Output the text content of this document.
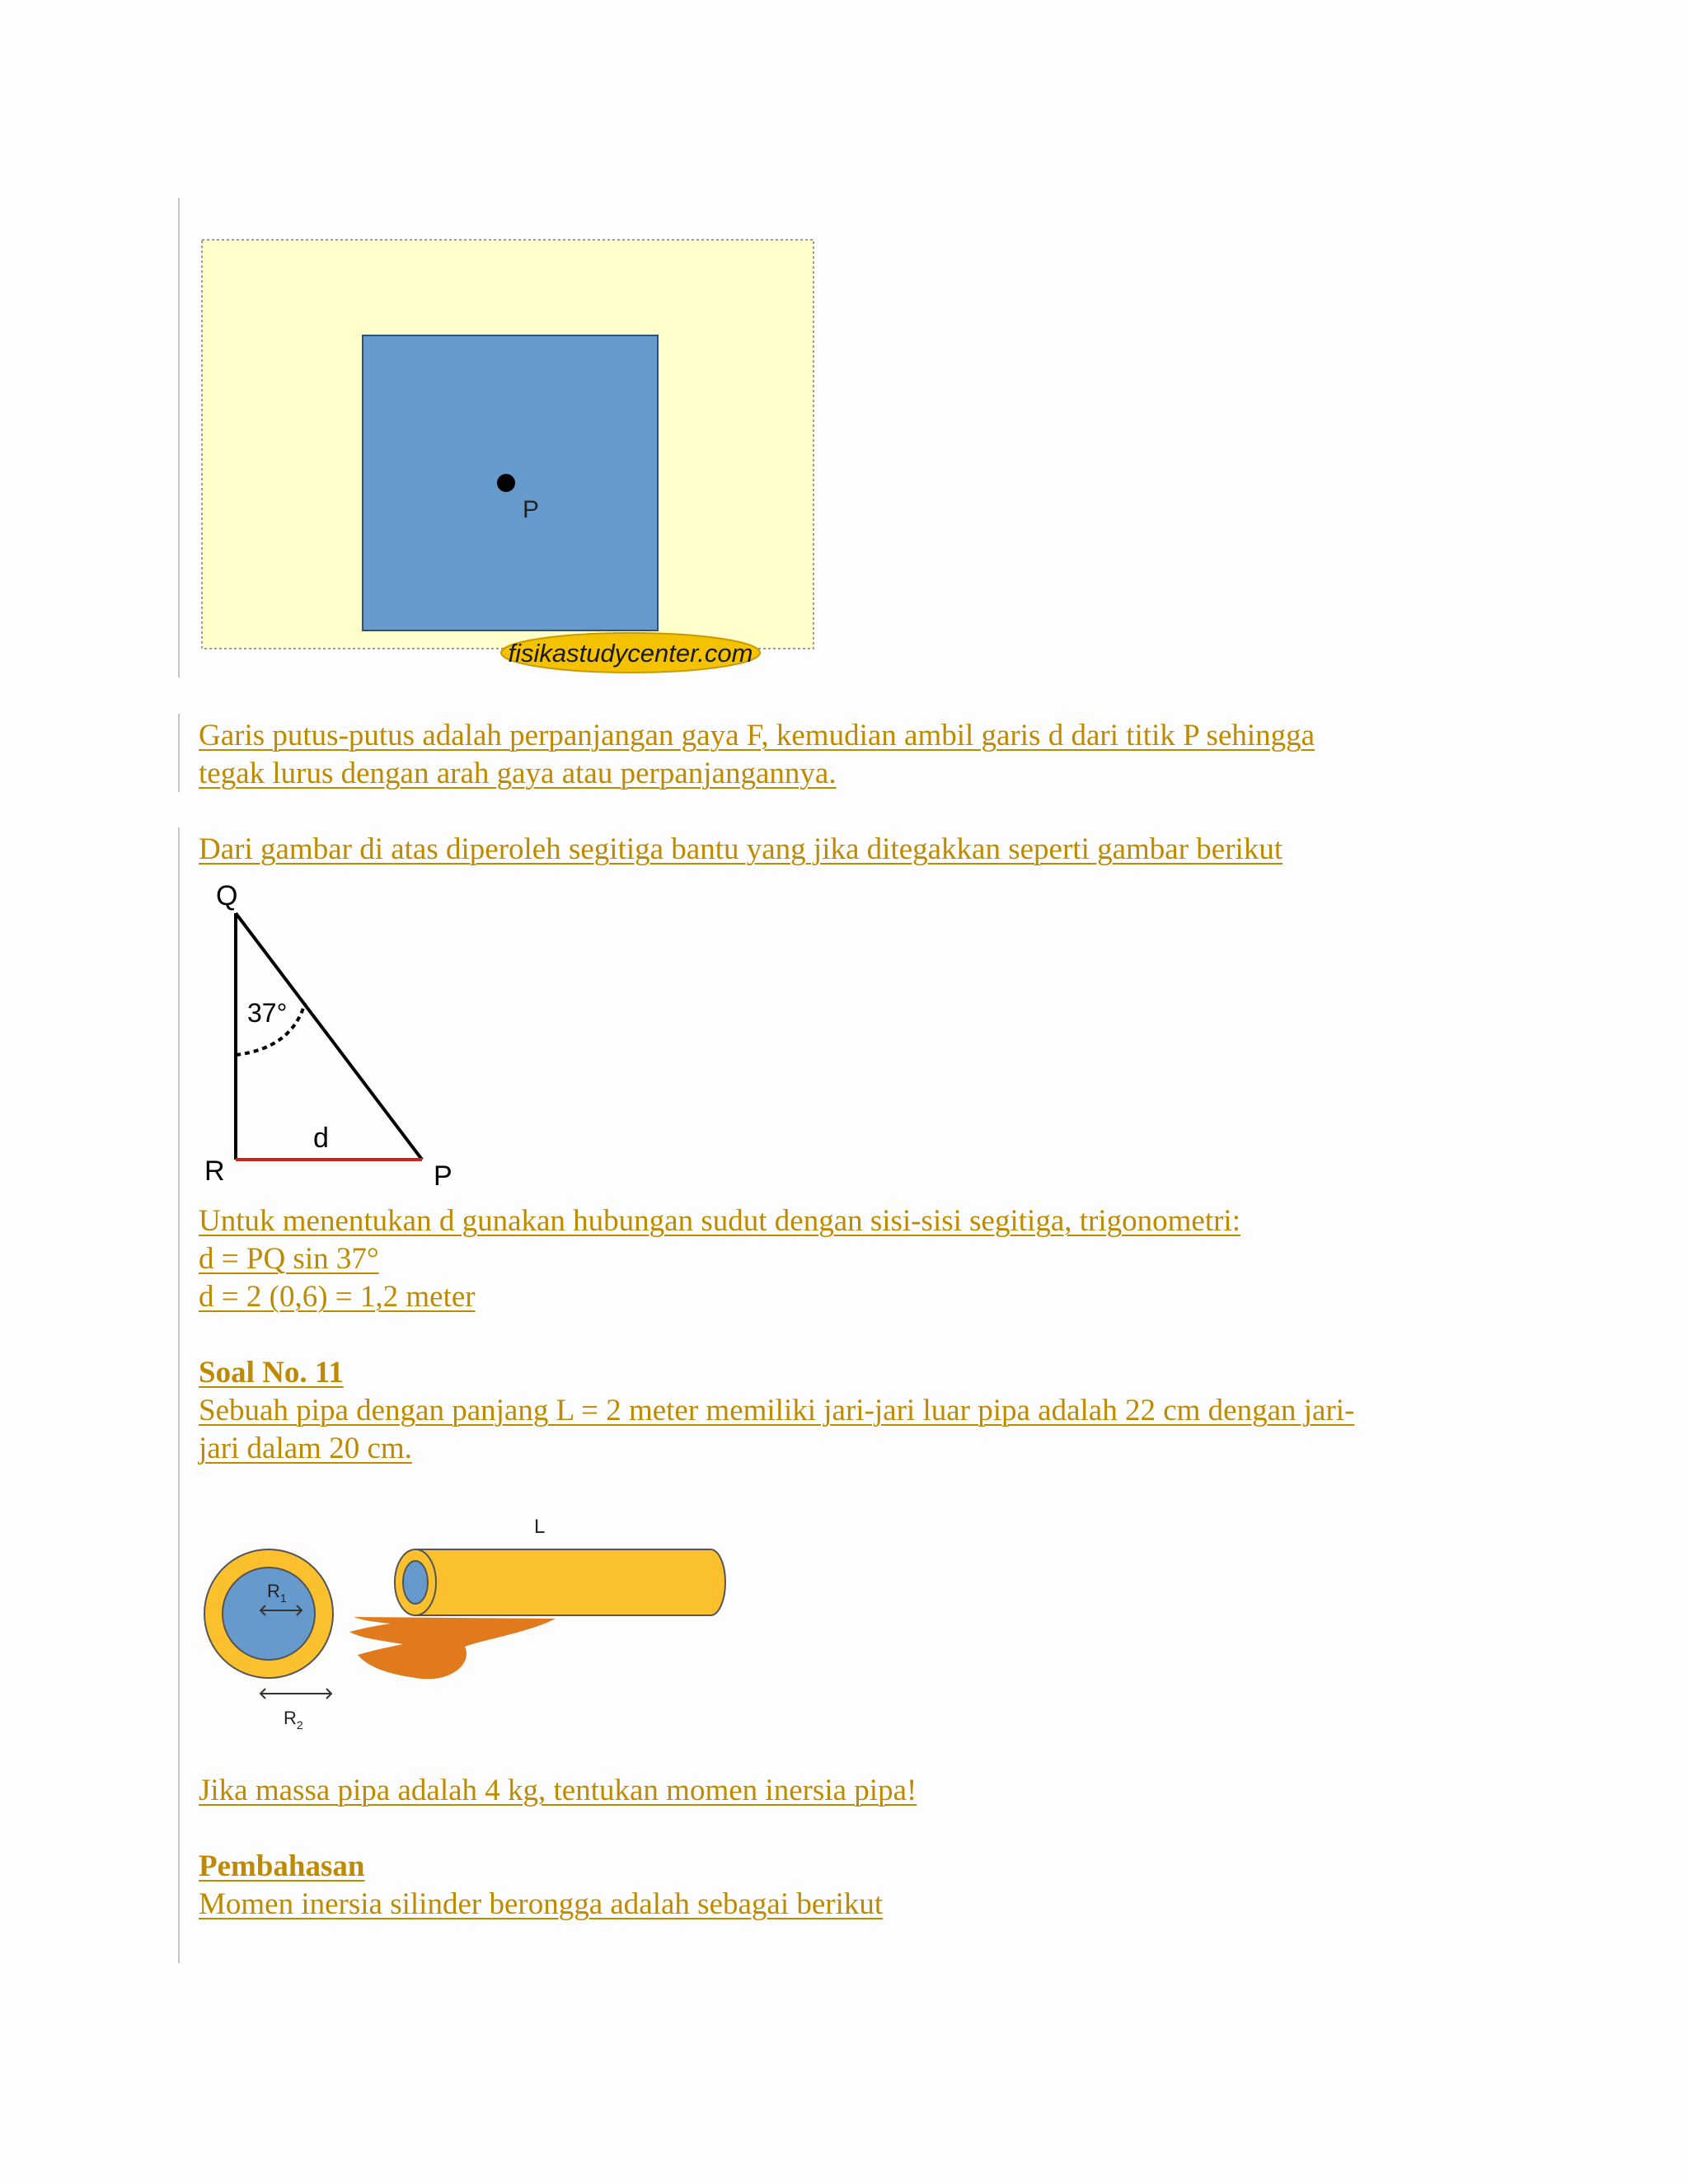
P
fisikastudycenter.com

Garis putus-putus adalah perpanjangan gaya F, kemudian ambil garis d dari titik P sehingga

tegak lurus dengan arah gaya atau perpanjangannya.

Dari gambar di atas diperoleh segitiga bantu yang jika ditegakkan seperti gambar berikut

Q
37°
d
R	P

Untuk menentukan d gunakan hubungan sudut dengan sisi-sisi segitiga, trigonometri:

d = PQ sin 37°

d = 2 (0,6) = 1,2 meter

Soal No. 11

Sebuah pipa dengan panjang L = 2 meter memiliki jari-jari luar pipa adalah 22 cm dengan jari-

jari dalam 20 cm.

$R_1$
$R_2$
L

Jika massa pipa adalah 4 kg, tentukan momen inersia pipa!

Pembahasan

Momen inersia silinder berongga adalah sebagai berikut
